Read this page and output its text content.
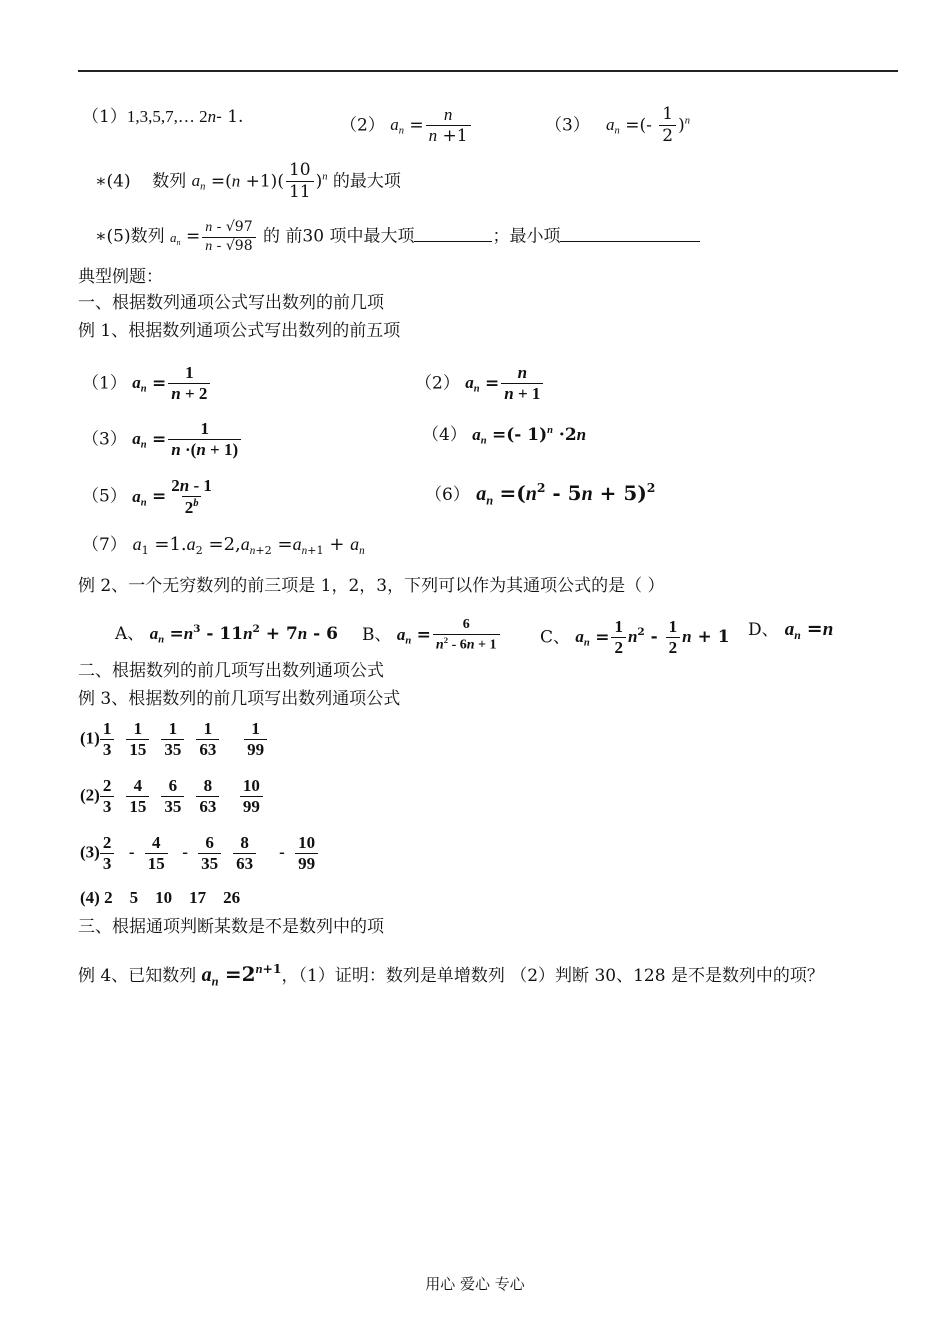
（1）1,3,5,7,… 2n- 1.	（2） $a_n = \frac{n}{n +1}$	（3） $a_n$ =(- $\frac{1}{2} )^n$
∗(4) 数列 $a_n =(n +1)( \frac{10}{11} )^n$ 的最大项
∗(5)数列 $a_n = \frac{n - √97}{n - √98}$ 的 前30 项中最大项	；最小项
典型例题：
一、根据数列通项公式写出数列的前几项
例 1、根据数列通项公式写出数列的前五项
（1） $a_n = \frac{1}{n + 2}$	（2） $a_n = \frac{n}{n + 1}$
（3） $a_n = \frac{1}{n \cdot(n + 1)}$	（4） $a_n$ =(- 1)$^n$ ·2n
（5） $a_n = \frac{2n - 1}{2^b}$	（6） $a_n =(n^2 - 5n + 5)^2$
（7） $a_1 =1.a_2 =2,a_{n+2} =a_{n+1} + a_n$
例 2、一个无穷数列的前三项是 1，2，3，下列可以作为其通项公式的是（ ）
A、 $a_n =n^3 - 11n^2 + 7n - 6$ B、 $a_n = \frac{6}{n^2 - 6n + 1}$ C、 $a_n = \frac{1}{2} n^2 - \frac{1}{2}$ n + 1 D、 $a_n =n$
二、根据数列的前几项写出数列通项公式
例 3、根据数列的前几项写出数列通项公式
$(1) \frac{1}{3} \frac{1}{15} \frac{1}{35} \frac{1}{63}$
$\frac{1}{99}$
$(2) \frac{2}{3} \frac{4}{15} \frac{6}{35} \frac{8}{63}$
$\frac{10}{99}$
$(3) \frac{2}{3} - \frac{4}{15} - \frac{6}{35} \frac{8}{63} - \frac{10}{99}$
(4) 2    5    10    17    26
三、根据通项判断某数是不是数列中的项
例 4、已知数列 $a_n =2^{n+1}$，（1）证明：数列是单增数列 （2）判断 30、128 是不是数列中的项？
用心 爱心 专心
